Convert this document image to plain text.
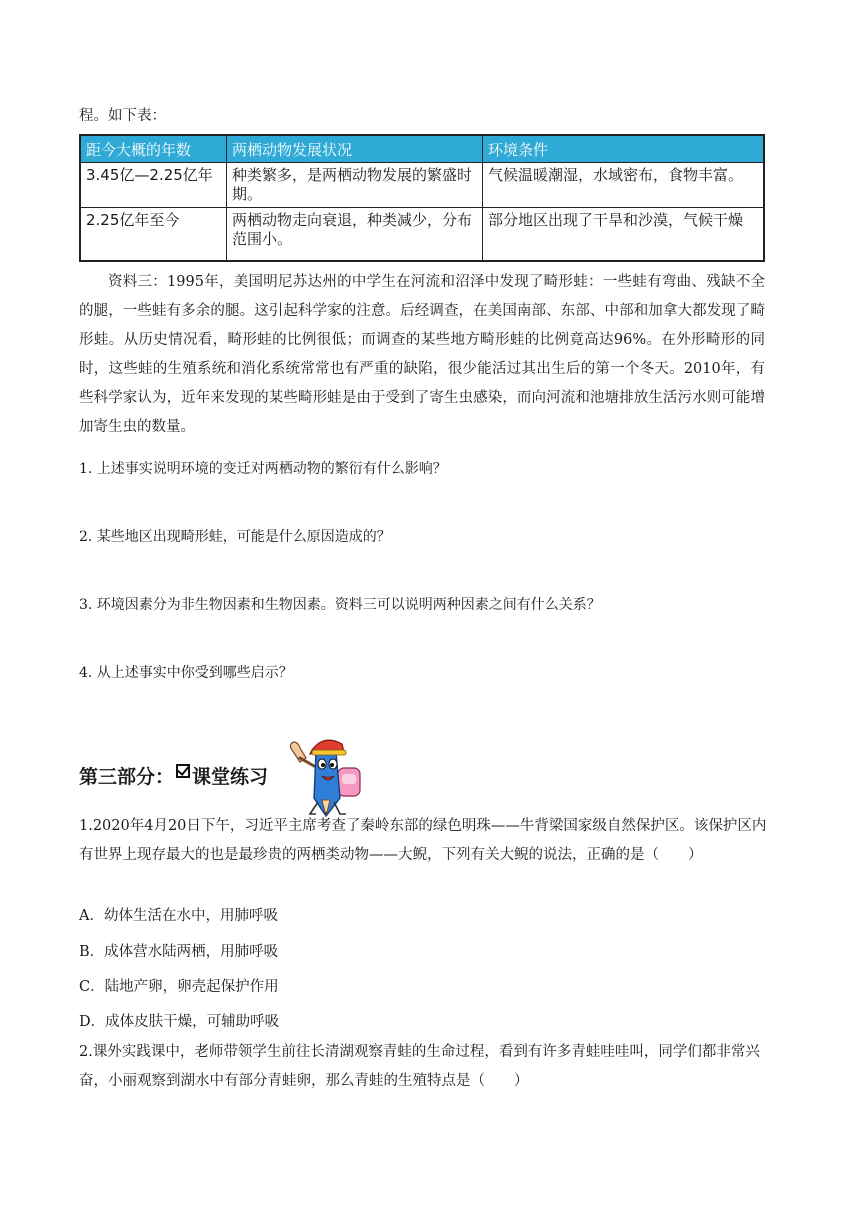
程。如下表：
距今大概的年数	两栖动物发展状况	环境条件
3.45亿—2.25亿年	种类繁多，是两栖动物发展的繁盛时期。	气候温暖潮湿，水域密布，食物丰富。
2.25亿年至今	两栖动物走向衰退，种类减少，分布范围小。	部分地区出现了干旱和沙漠，气候干燥
资料三：1995年，美国明尼苏达州的中学生在河流和沼泽中发现了畸形蛙：一些蛙有弯曲、残缺不全的腿，一些蛙有多余的腿。这引起科学家的注意。后经调查，在美国南部、东部、中部和加拿大都发现了畸形蛙。从历史情况看，畸形蛙的比例很低；而调查的某些地方畸形蛙的比例竟高达96%。在外形畸形的同时，这些蛙的生殖系统和消化系统常常也有严重的缺陷，很少能活过其出生后的第一个冬天。2010年，有些科学家认为，近年来发现的某些畸形蛙是由于受到了寄生虫感染，而向河流和池塘排放生活污水则可能增加寄生虫的数量。
1. 上述事实说明环境的变迁对两栖动物的繁衍有什么影响？
2. 某些地区出现畸形蛙，可能是什么原因造成的？
3. 环境因素分为非生物因素和生物因素。资料三可以说明两种因素之间有什么关系？
4. 从上述事实中你受到哪些启示？
第三部分： 课堂练习
1.2020年4月20日下午，习近平主席考查了秦岭东部的绿色明珠——牛背梁国家级自然保护区。该保护区内有世界上现存最大的也是最珍贵的两栖类动物——大鲵，下列有关大鲵的说法，正确的是（　　）
A．幼体生活在水中，用肺呼吸
B．成体营水陆两栖，用肺呼吸
C．陆地产卵，卵壳起保护作用
D．成体皮肤干燥，可辅助呼吸
2.课外实践课中，老师带领学生前往长清湖观察青蛙的生命过程，看到有许多青蛙哇哇叫，同学们都非常兴奋，小丽观察到湖水中有部分青蛙卵，那么青蛙的生殖特点是（　　）
